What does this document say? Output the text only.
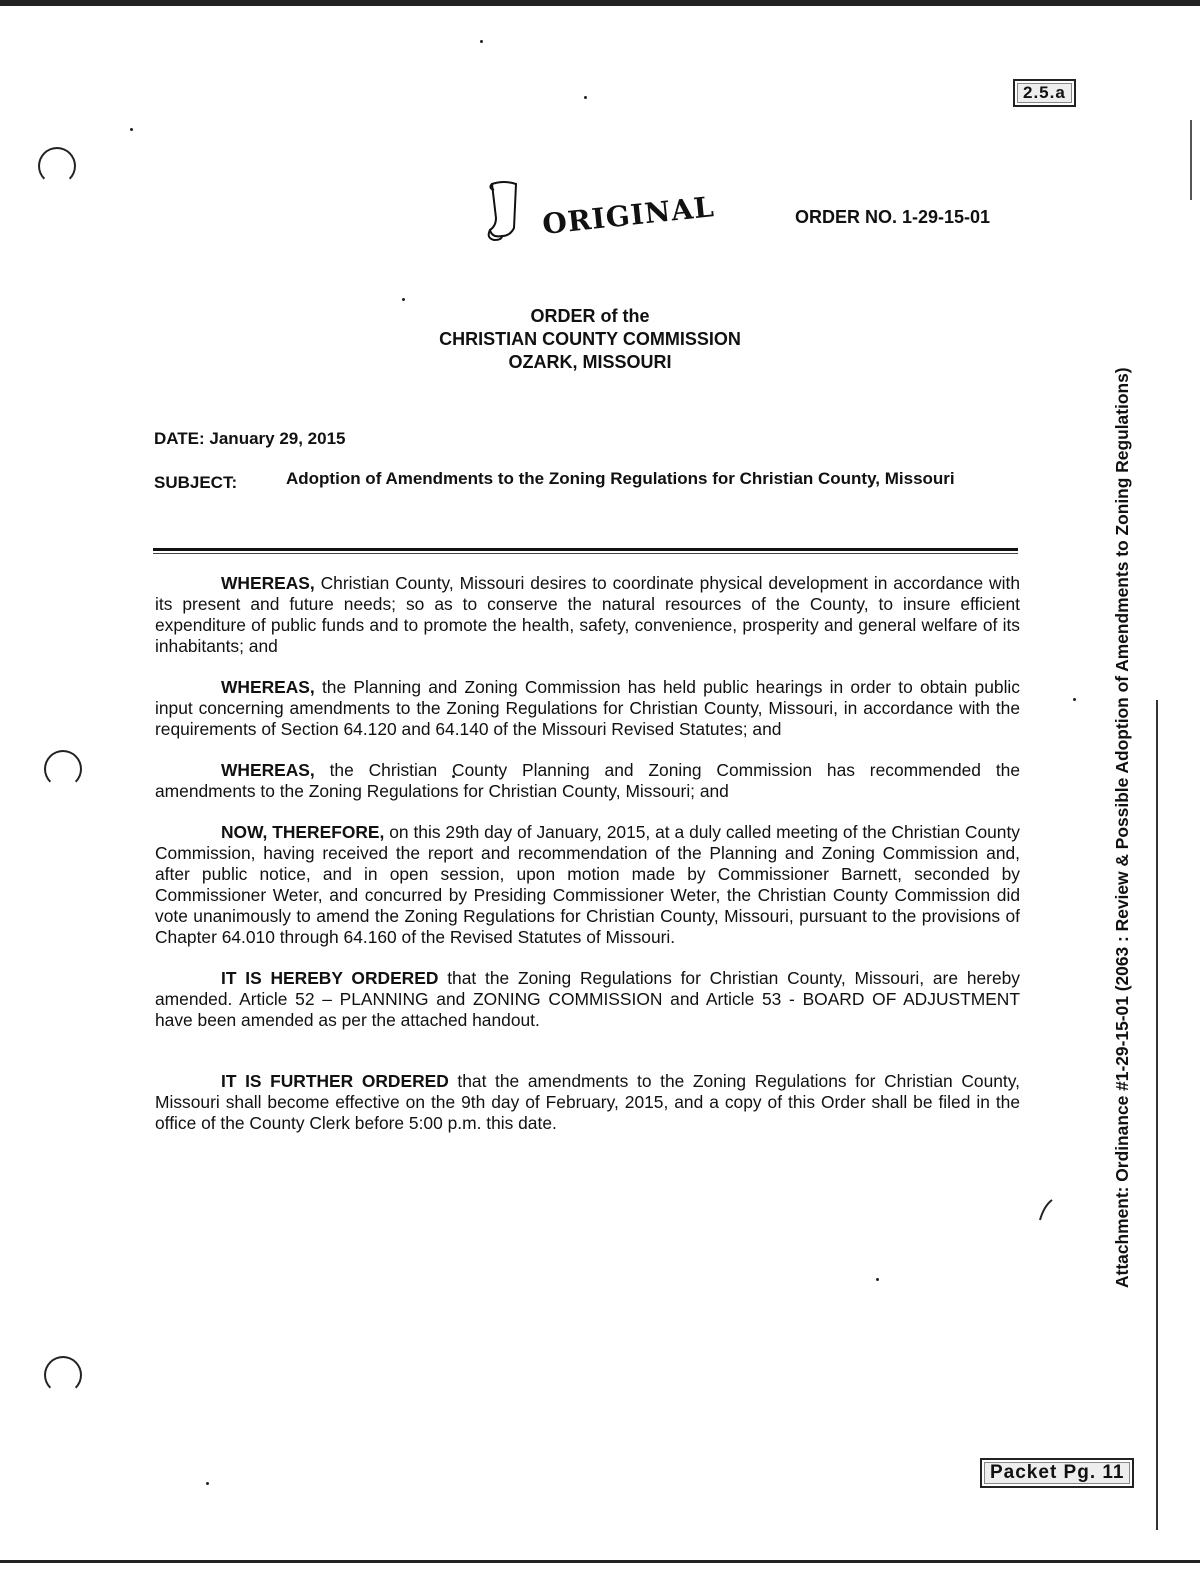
2.5.a
ORIGINAL	ORDER NO. 1-29-15-01
ORDER of the
CHRISTIAN COUNTY COMMISSION
OZARK, MISSOURI
DATE: January 29, 2015
SUBJECT:	Adoption of Amendments to the Zoning Regulations for Christian County, Missouri

WHEREAS, Christian County, Missouri desires to coordinate physical development in accordance with its present and future needs; so as to conserve the natural resources of the County, to insure efficient expenditure of public funds and to promote the health, safety, convenience, prosperity and general welfare of its inhabitants; and

WHEREAS, the Planning and Zoning Commission has held public hearings in order to obtain public input concerning amendments to the Zoning Regulations for Christian County, Missouri, in accordance with the requirements of Section 64.120 and 64.140 of the Missouri Revised Statutes; and

WHEREAS, the Christian County Planning and Zoning Commission has recommended the amendments to the Zoning Regulations for Christian County, Missouri; and

NOW, THEREFORE, on this 29th day of January, 2015, at a duly called meeting of the Christian County Commission, having received the report and recommendation of the Planning and Zoning Commission and, after public notice, and in open session, upon motion made by Commissioner Barnett, seconded by Commissioner Weter, and concurred by Presiding Commissioner Weter, the Christian County Commission did vote unanimously to amend the Zoning Regulations for Christian County, Missouri, pursuant to the provisions of Chapter 64.010 through 64.160 of the Revised Statutes of Missouri.

IT IS HEREBY ORDERED that the Zoning Regulations for Christian County, Missouri, are hereby amended. Article 52 – PLANNING and ZONING COMMISSION and Article 53 - BOARD OF ADJUSTMENT have been amended as per the attached handout.

IT IS FURTHER ORDERED that the amendments to the Zoning Regulations for Christian County, Missouri shall become effective on the 9th day of February, 2015, and a copy of this Order shall be filed in the office of the County Clerk before 5:00 p.m. this date.	Attachment: Ordinance #1-29-15-01 (2063 : Review & Possible Adoption of Amendments to Zoning Regulations)
Packet Pg. 11
